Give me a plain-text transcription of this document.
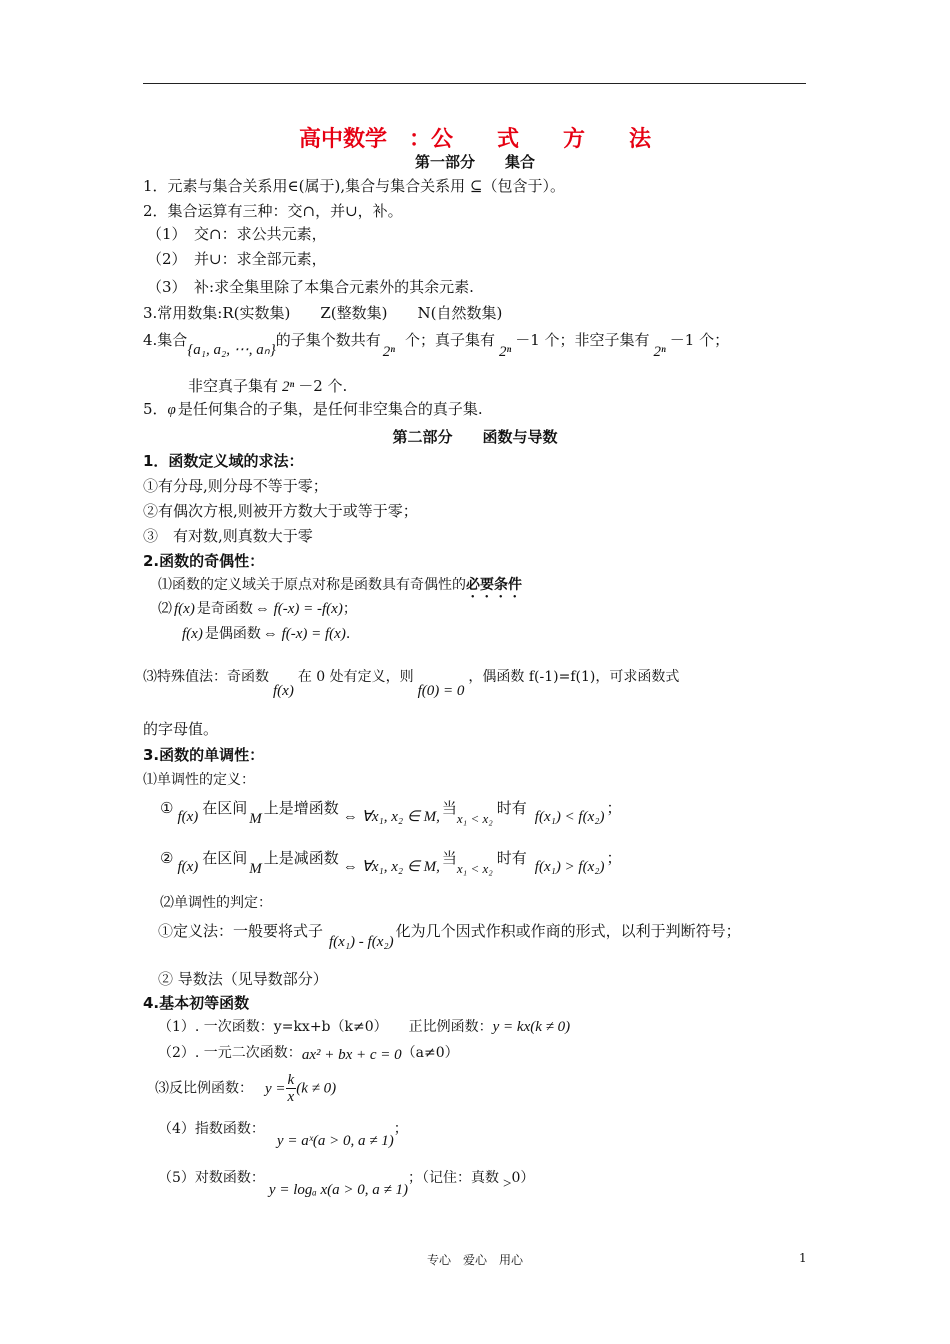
高中数学　：公　　式　　方　　法
第一部分　　集合
1．元素与集合关系用∈(属于),集合与集合关系用 ⊆（包含于）。
2．集合运算有三种：交∩，并∪，补。
（1）　交∩：求公共元素，
（2）　并∪：求全部元素，
（3）　补:求全集里除了本集合元素外的其余元素.
3.常用数集:R(实数集)　　Z(整数集)　　N(自然数集)
4.集合{a₁, a₂, ⋯, aₙ}的子集个数共有2ⁿ个；真子集有2ⁿ－1 个；非空子集有2ⁿ－1 个；
非空真子集有 2ⁿ －2 个.
5．φ 是任何集合的子集，是任何非空集合的真子集.
第二部分　　函数与导数
1．函数定义域的求法：
①有分母,则分母不等于零；
②有偶次方根,则被开方数大于或等于零；
③　有对数,则真数大于零
2.函数的奇偶性：
⑴函数的定义域关于原点对称是函数具有奇偶性的必要条件
⑵ f(x) 是奇函数 ⇔ f(-x) = -f(x)；
f(x) 是偶函数 ⇔ f(-x) = f(x).
⑶特殊值法：奇函数f(x)在 0 处有定义，则f(0) = 0，偶函数 f(-1)=f(1)，可求函数式
的字母值。
3.函数的单调性：
⑴单调性的定义：
① f(x) 在区间M上是增函数 ⇔ ∀x₁, x₂ ∈ M, 当x₁ < x₂时有 f(x₁) < f(x₂) ；
② f(x) 在区间M上是减函数 ⇔ ∀x₁, x₂ ∈ M, 当x₁ < x₂时有 f(x₁) > f(x₂) ；
⑵单调性的判定：
①定义法：一般要将式子f(x₁) - f(x₂)化为几个因式作积或作商的形式，以利于判断符号；
② 导数法（见导数部分）
4.基本初等函数
（1）. 一次函数：y=kx+b（k≠0）　　正比例函数：y = kx(k ≠ 0)
（2）. 一元二次函数：ax² + bx + c = 0（a≠0）
⑶反比例函数： $y = \frac{k}{x} (k \ne 0)$
（4）指数函数：y = aˣ(a > 0, a ≠ 1)；
（5）对数函数：y = logₐ x(a > 0, a ≠ 1)；（记住：真数 >0）
专心　爱心　用心	1
